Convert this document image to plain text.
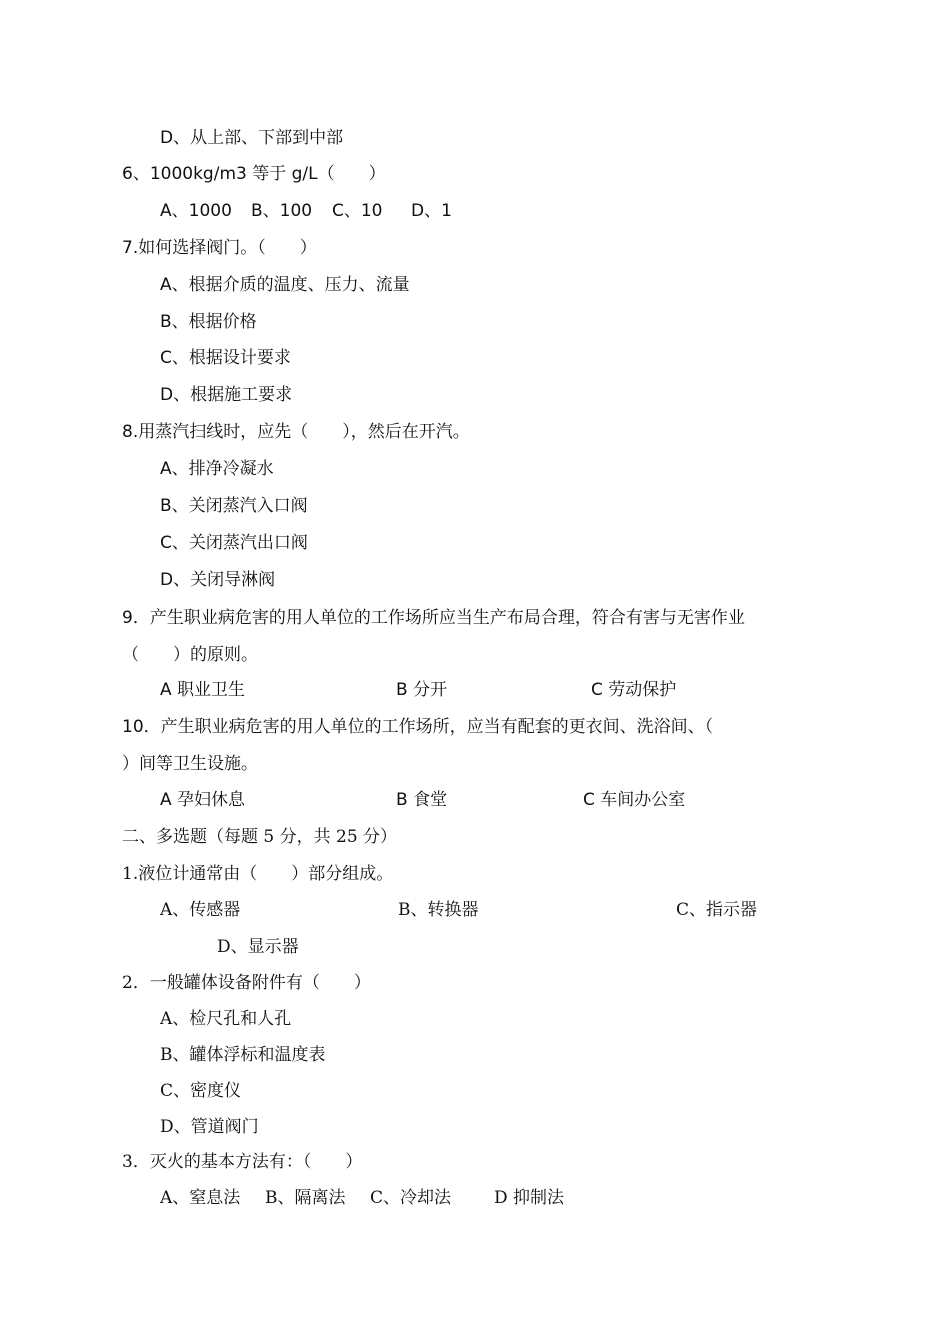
D、从上部、下部到中部
6、1000kg/m3 等于 g/L（　　）
A、1000 B、100 C、10 D、1
7.如何选择阀门。（　　）
A、根据介质的温度、压力、流量
B、根据价格
C、根据设计要求
D、根据施工要求
8.用蒸汽扫线时，应先（　　），然后在开汽。
A、排净冷凝水
B、关闭蒸汽入口阀
C、关闭蒸汽出口阀
D、关闭导淋阀
9．产生职业病危害的用人单位的工作场所应当生产布局合理，符合有害与无害作业
（　　）的原则。
A 职业卫生	B 分开	C 劳动保护
10．产生职业病危害的用人单位的工作场所，应当有配套的更衣间、洗浴间、（
）间等卫生设施。
A 孕妇休息	B 食堂	C 车间办公室
二、多选题（每题 5 分，共 25 分）
1.液位计通常由（　　）部分组成。
A、传感器	B、转换器	C、指示器
D、显示器
2．一般罐体设备附件有（　　）
A、检尺孔和人孔
B、罐体浮标和温度表
C、密度仪
D、管道阀门
3．灭火的基本方法有：（　　）
A、窒息法 B、隔离法 C、冷却法	D 抑制法
